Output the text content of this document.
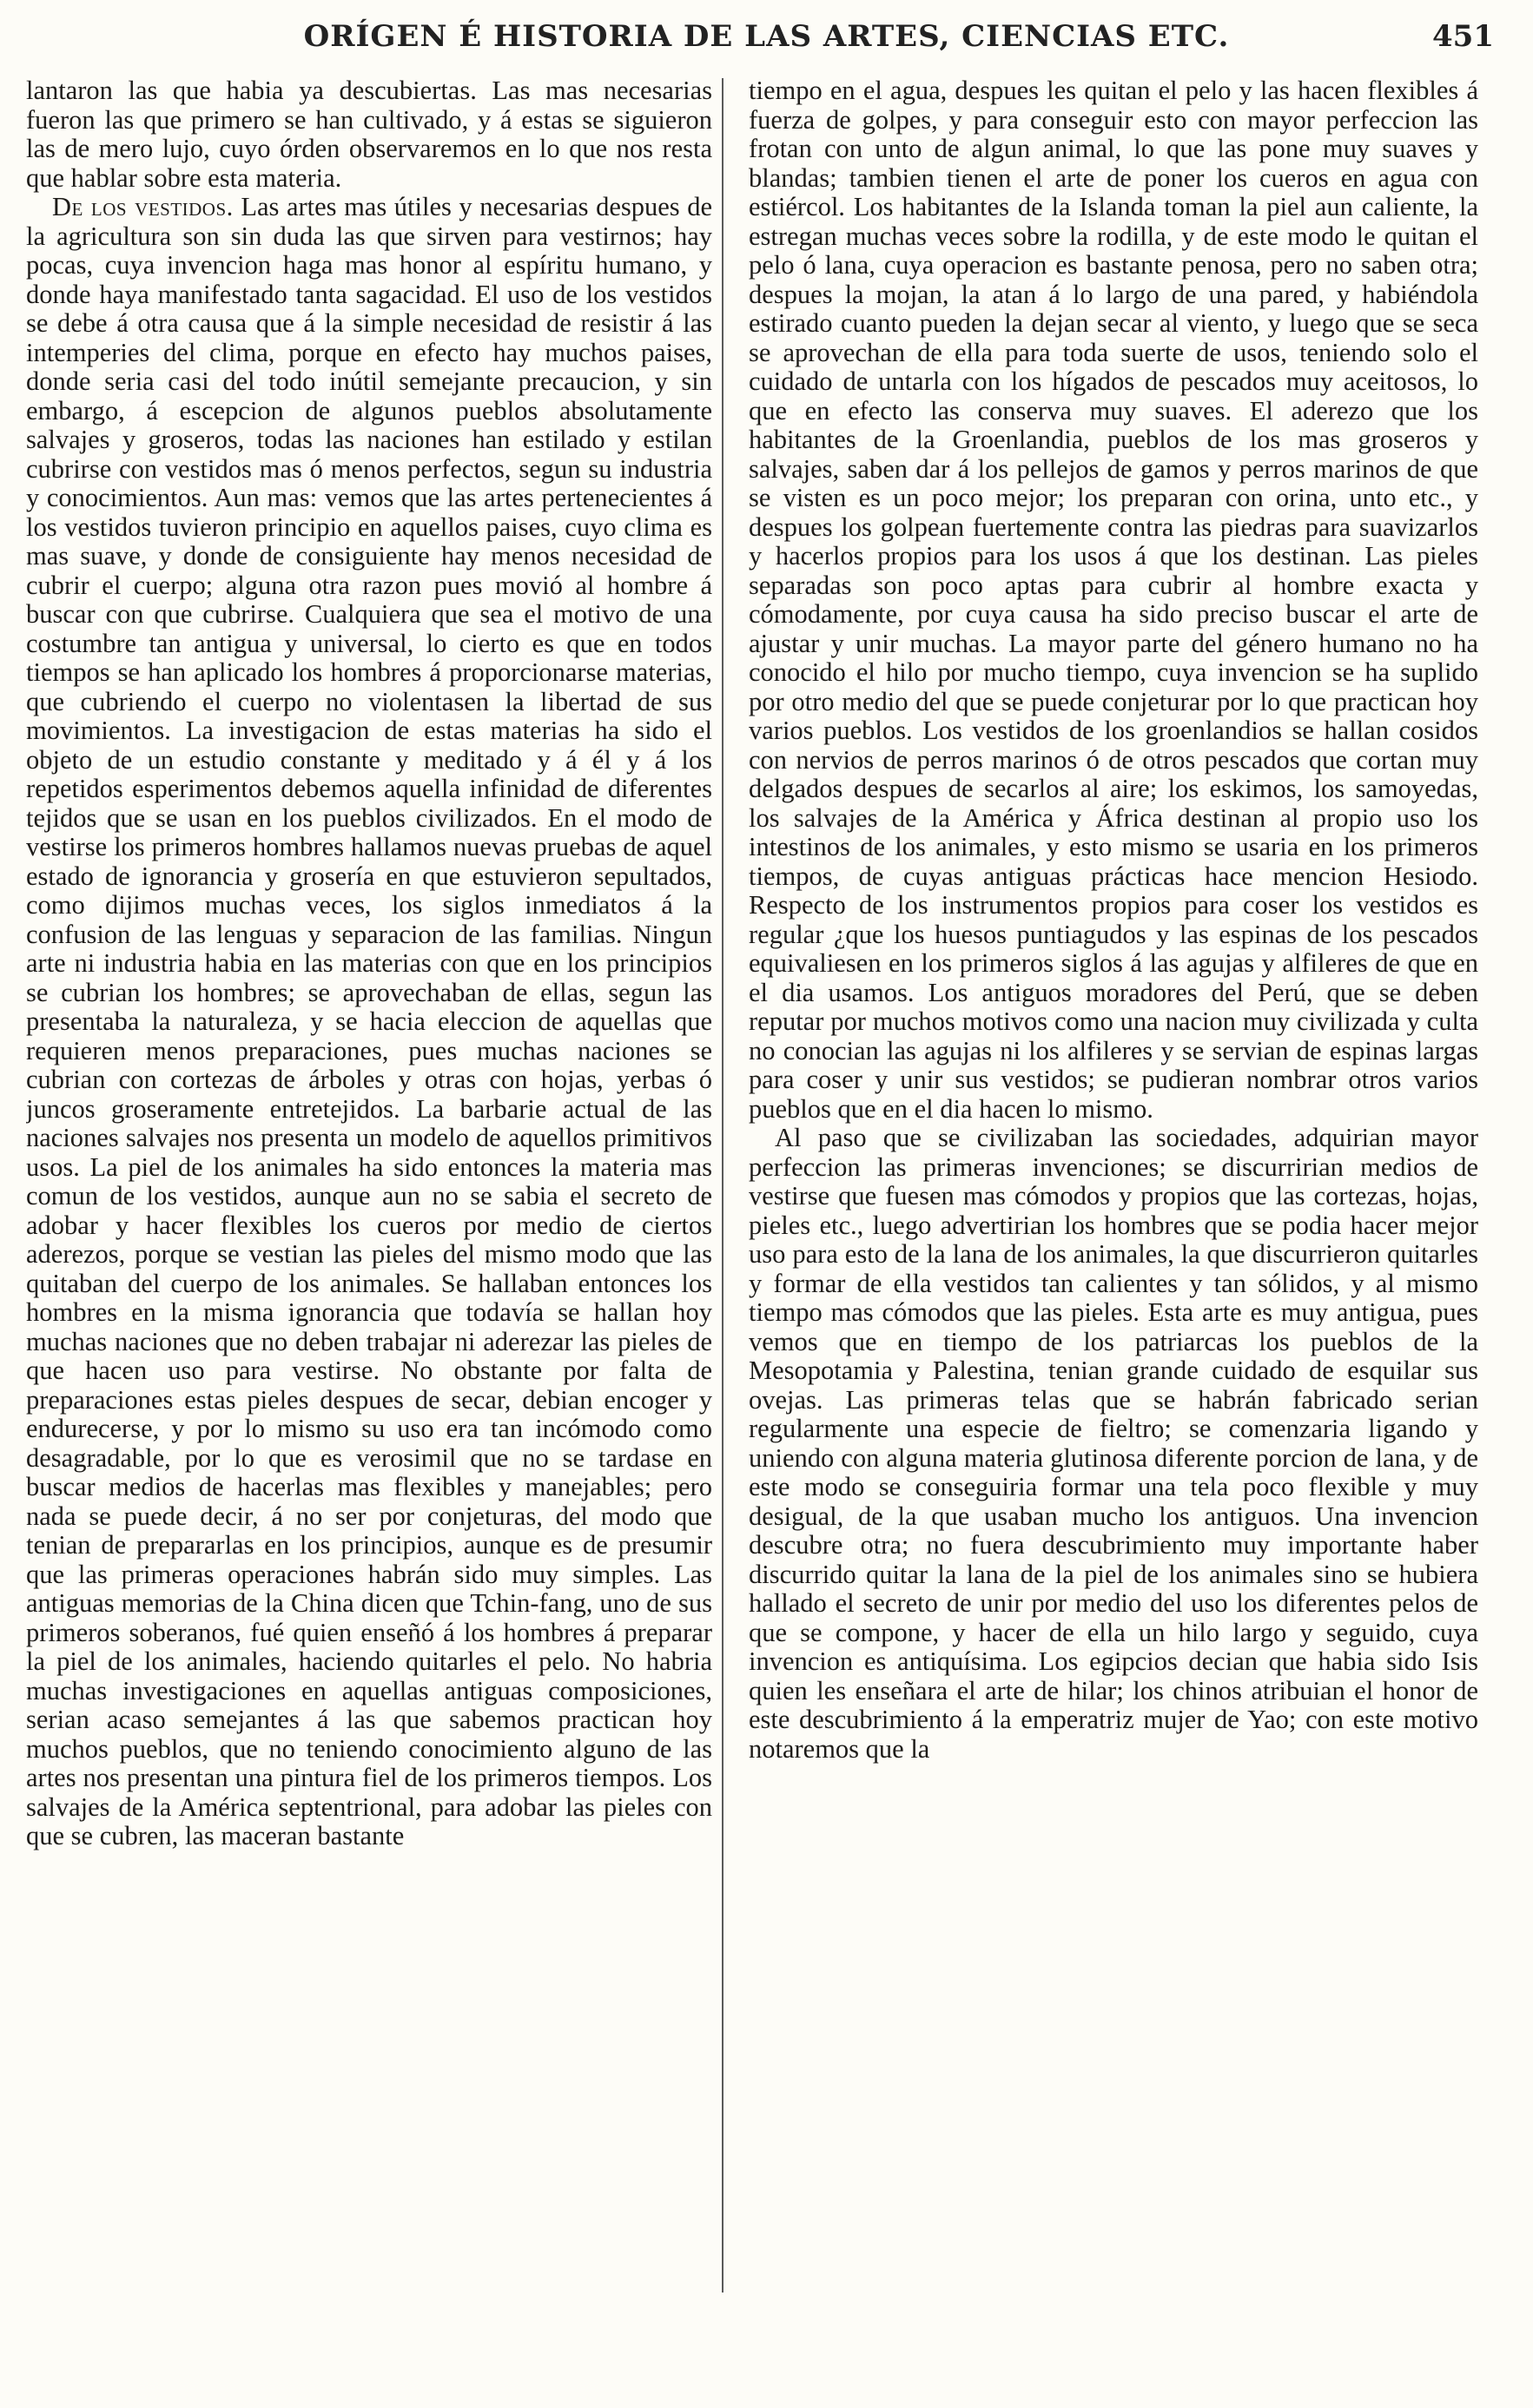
ORÍGEN É HISTORIA DE LAS ARTES, CIENCIAS ETC.	451

lantaron las que habia ya descubiertas. Las mas necesarias fueron las que primero se han cultivado, y á estas se siguieron las de mero lujo, cuyo órden observaremos en lo que nos resta que hablar sobre esta materia.

De los vestidos. Las artes mas útiles y necesarias despues de la agricultura son sin duda las que sirven para vestirnos; hay pocas, cuya invencion haga mas honor al espíritu humano, y donde haya manifestado tanta sagacidad. El uso de los vestidos se debe á otra causa que á la simple necesidad de resistir á las intemperies del clima, porque en efecto hay muchos paises, donde seria casi del todo inútil semejante precaucion, y sin embargo, á escepcion de algunos pueblos absolutamente salvajes y groseros, todas las naciones han estilado y estilan cubrirse con vestidos mas ó menos perfectos, segun su industria y conocimientos. Aun mas: vemos que las artes pertenecientes á los vestidos tuvieron principio en aquellos paises, cuyo clima es mas suave, y donde de consiguiente hay menos necesidad de cubrir el cuerpo; alguna otra razon pues movió al hombre á buscar con que cubrirse. Cualquiera que sea el motivo de una costumbre tan antigua y universal, lo cierto es que en todos tiempos se han aplicado los hombres á proporcionarse materias, que cubriendo el cuerpo no violentasen la libertad de sus movimientos. La investigacion de estas materias ha sido el objeto de un estudio constante y meditado y á él y á los repetidos esperimentos debemos aquella infinidad de diferentes tejidos que se usan en los pueblos civilizados. En el modo de vestirse los primeros hombres hallamos nuevas pruebas de aquel estado de ignorancia y grosería en que estuvieron sepultados, como dijimos muchas veces, los siglos inmediatos á la confusion de las lenguas y separacion de las familias. Ningun arte ni industria habia en las materias con que en los principios se cubrian los hombres; se aprovechaban de ellas, segun las presentaba la naturaleza, y se hacia eleccion de aquellas que requieren menos preparaciones, pues muchas naciones se cubrian con cortezas de árboles y otras con hojas, yerbas ó juncos groseramente entretejidos. La barbarie actual de las naciones salvajes nos presenta un modelo de aquellos primitivos usos. La piel de los animales ha sido entonces la materia mas comun de los vestidos, aunque aun no se sabia el secreto de adobar y hacer flexibles los cueros por medio de ciertos aderezos, porque se vestian las pieles del mismo modo que las quitaban del cuerpo de los animales. Se hallaban entonces los hombres en la misma ignorancia que todavía se hallan hoy muchas naciones que no deben trabajar ni aderezar las pieles de que hacen uso para vestirse. No obstante por falta de preparaciones estas pieles despues de secar, debian encoger y endurecerse, y por lo mismo su uso era tan incómodo como desagradable, por lo que es verosimil que no se tardase en buscar medios de hacerlas mas flexibles y manejables; pero nada se puede decir, á no ser por conjeturas, del modo que tenian de prepararlas en los principios, aunque es de presumir que las primeras operaciones habrán sido muy simples. Las antiguas memorias de la China dicen que Tchin-fang, uno de sus primeros soberanos, fué quien enseñó á los hombres á preparar la piel de los animales, haciendo quitarles el pelo. No habria muchas investigaciones en aquellas antiguas composiciones, serian acaso semejantes á las que sabemos practican hoy muchos pueblos, que no teniendo conocimiento alguno de las artes nos presentan una pintura fiel de los primeros tiempos. Los salvajes de la América septentrional, para adobar las pieles con que se cubren, las maceran bastante

tiempo en el agua, despues les quitan el pelo y las hacen flexibles á fuerza de golpes, y para conseguir esto con mayor perfeccion las frotan con unto de algun animal, lo que las pone muy suaves y blandas; tambien tienen el arte de poner los cueros en agua con estiércol. Los habitantes de la Islanda toman la piel aun caliente, la estregan muchas veces sobre la rodilla, y de este modo le quitan el pelo ó lana, cuya operacion es bastante penosa, pero no saben otra; despues la mojan, la atan á lo largo de una pared, y habiéndola estirado cuanto pueden la dejan secar al viento, y luego que se seca se aprovechan de ella para toda suerte de usos, teniendo solo el cuidado de untarla con los hígados de pescados muy aceitosos, lo que en efecto las conserva muy suaves. El aderezo que los habitantes de la Groenlandia, pueblos de los mas groseros y salvajes, saben dar á los pellejos de gamos y perros marinos de que se visten es un poco mejor; los preparan con orina, unto etc., y despues los golpean fuertemente contra las piedras para suavizarlos y hacerlos propios para los usos á que los destinan. Las pieles separadas son poco aptas para cubrir al hombre exacta y cómodamente, por cuya causa ha sido preciso buscar el arte de ajustar y unir muchas. La mayor parte del género humano no ha conocido el hilo por mucho tiempo, cuya invencion se ha suplido por otro medio del que se puede conjeturar por lo que practican hoy varios pueblos. Los vestidos de los groenlandios se hallan cosidos con nervios de perros marinos ó de otros pescados que cortan muy delgados despues de secarlos al aire; los eskimos, los samoyedas, los salvajes de la América y África destinan al propio uso los intestinos de los animales, y esto mismo se usaria en los primeros tiempos, de cuyas antiguas prácticas hace mencion Hesiodo. Respecto de los instrumentos propios para coser los vestidos es regular ¿que los huesos puntiagudos y las espinas de los pescados equivaliesen en los primeros siglos á las agujas y alfileres de que en el dia usamos. Los antiguos moradores del Perú, que se deben reputar por muchos motivos como una nacion muy civilizada y culta no conocian las agujas ni los alfileres y se servian de espinas largas para coser y unir sus vestidos; se pudieran nombrar otros varios pueblos que en el dia hacen lo mismo.

Al paso que se civilizaban las sociedades, adquirian mayor perfeccion las primeras invenciones; se discurririan medios de vestirse que fuesen mas cómodos y propios que las cortezas, hojas, pieles etc., luego advertirian los hombres que se podia hacer mejor uso para esto de la lana de los animales, la que discurrieron quitarles y formar de ella vestidos tan calientes y tan sólidos, y al mismo tiempo mas cómodos que las pieles. Esta arte es muy antigua, pues vemos que en tiempo de los patriarcas los pueblos de la Mesopotamia y Palestina, tenian grande cuidado de esquilar sus ovejas. Las primeras telas que se habrán fabricado serian regularmente una especie de fieltro; se comenzaria ligando y uniendo con alguna materia glutinosa diferente porcion de lana, y de este modo se conseguiria formar una tela poco flexible y muy desigual, de la que usaban mucho los antiguos. Una invencion descubre otra; no fuera descubrimiento muy importante haber discurrido quitar la lana de la piel de los animales sino se hubiera hallado el secreto de unir por medio del uso los diferentes pelos de que se compone, y hacer de ella un hilo largo y seguido, cuya invencion es antiquísima. Los egipcios decian que habia sido Isis quien les enseñara el arte de hilar; los chinos atribuian el honor de este descubrimiento á la emperatriz mujer de Yao; con este motivo notaremos que la
